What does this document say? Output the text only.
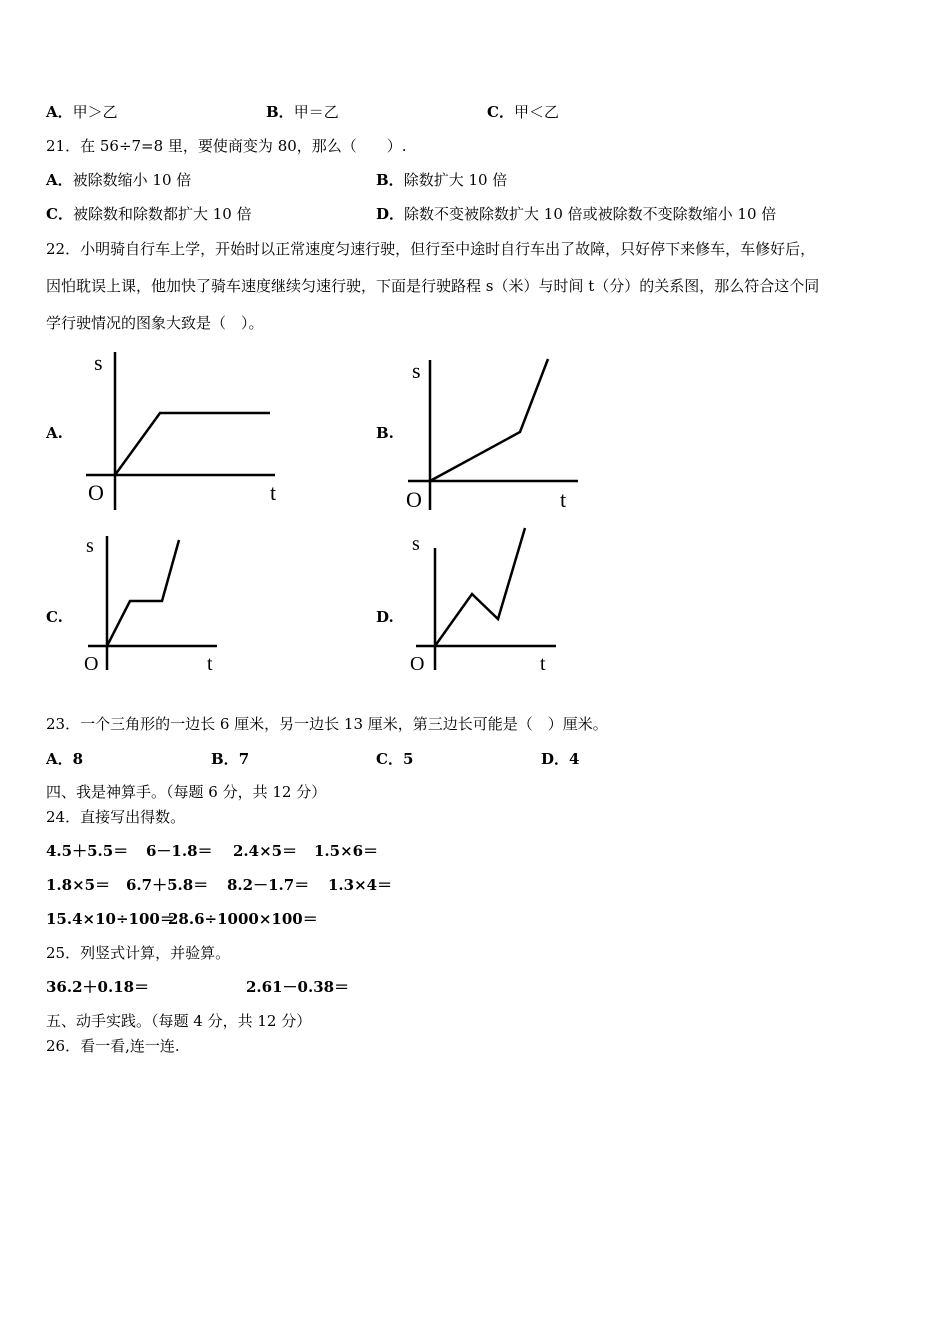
A．甲＞乙	B．甲＝乙	C．甲＜乙
21．在 56÷7=8 里，要使商变为 80，那么（　　）.
A．被除数缩小 10 倍	B．除数扩大 10 倍
C．被除数和除数都扩大 10 倍	D．除数不变被除数扩大 10 倍或被除数不变除数缩小 10 倍
22．小明骑自行车上学，开始时以正常速度匀速行驶，但行至中途时自行车出了故障，只好停下来修车，车修好后，
因怕耽误上课，他加快了骑车速度继续匀速行驶，下面是行驶路程 s（米）与时间 t（分）的关系图，那么符合这个同
学行驶情况的图象大致是（　）。
A.	B.
C.	D.
s
O	t
s
O	t
s
O	t
s
O	t
23．一个三角形的一边长 6 厘米，另一边长 13 厘米，第三边长可能是（　）厘米。
A．8	B．7	C．5	D．4
四、我是神算手。（每题 6 分，共 12 分）
24．直接写出得数。
4.5＋5.5＝ 6－1.8＝ 2.4×5＝ 1.5×6＝
1.8×5＝ 6.7＋5.8＝ 8.2－1.7＝ 1.3×4＝
15.4×10÷100＝
28.6÷1000×100＝
25．列竖式计算，并验算。
36.2＋0.18＝	2.61－0.38＝
五、动手实践。（每题 4 分，共 12 分）
26．看一看,连一连.
